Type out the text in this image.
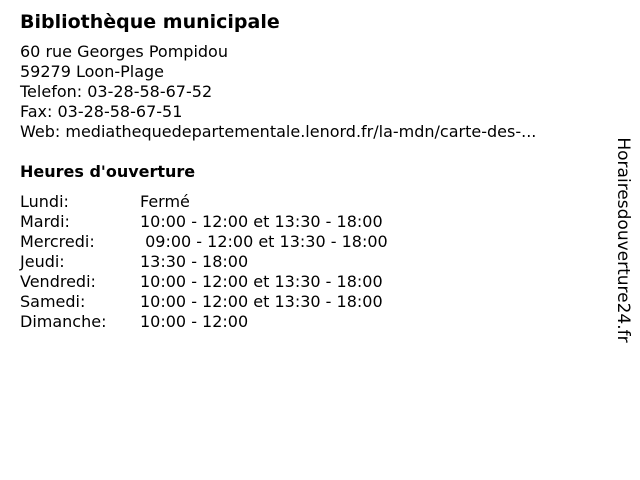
Bibliothèque municipale
60 rue Georges Pompidou
59279 Loon-Plage
Telefon: 03-28-58-67-52
Fax: 03-28-58-67-51
Web: mediathequedepartementale.lenord.fr/la-mdn/carte-des-...
Heures d'ouverture
Lundi:	Fermé
Mardi:	10:00 - 12:00 et 13:30 - 18:00
Mercredi:	09:00 - 12:00 et 13:30 - 18:00
Jeudi:	13:30 - 18:00
Vendredi:	10:00 - 12:00 et 13:30 - 18:00
Samedi:	10:00 - 12:00 et 13:30 - 18:00
Dimanche:	10:00 - 12:00	Horairesdouverture24.fr
